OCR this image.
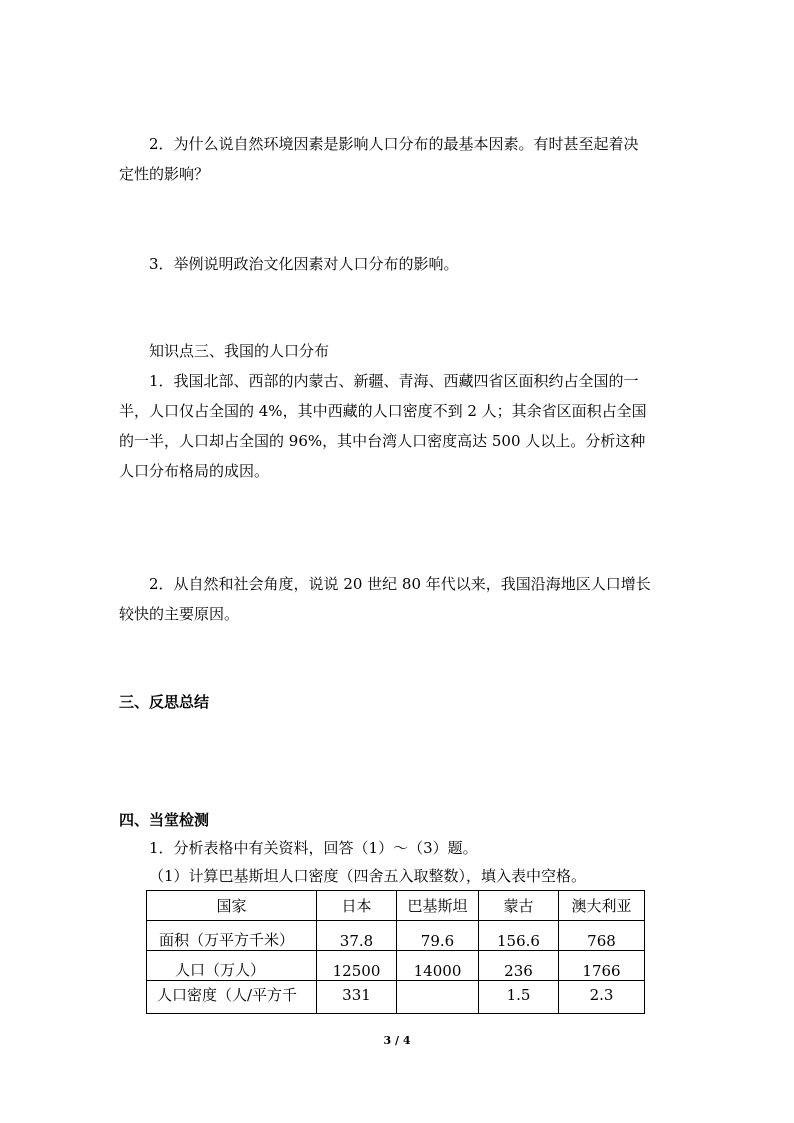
2．为什么说自然环境因素是影响人口分布的最基本因素。有时甚至起着决
定性的影响？
3．举例说明政治文化因素对人口分布的影响。
知识点三、我国的人口分布
1．我国北部、西部的内蒙古、新疆、青海、西藏四省区面积约占全国的一
半，人口仅占全国的 4%，其中西藏的人口密度不到 2 人；其余省区面积占全国
的一半，人口却占全国的 96%，其中台湾人口密度高达 500 人以上。分析这种
人口分布格局的成因。
2．从自然和社会角度，说说 20 世纪 80 年代以来，我国沿海地区人口增长
较快的主要原因。
三、反思总结
四、当堂检测
1．分析表格中有关资料，回答（1）～（3）题。
（1）计算巴基斯坦人口密度（四舍五入取整数），填入表中空格。
国家	日本	巴基斯坦	蒙古	澳大利亚
面积（万平方千米）	37.8	79.6	156.6	768
人口（万人）	12500	14000	236	1766
人口密度（人/平方千	331		1.5	2.3
3 / 4
